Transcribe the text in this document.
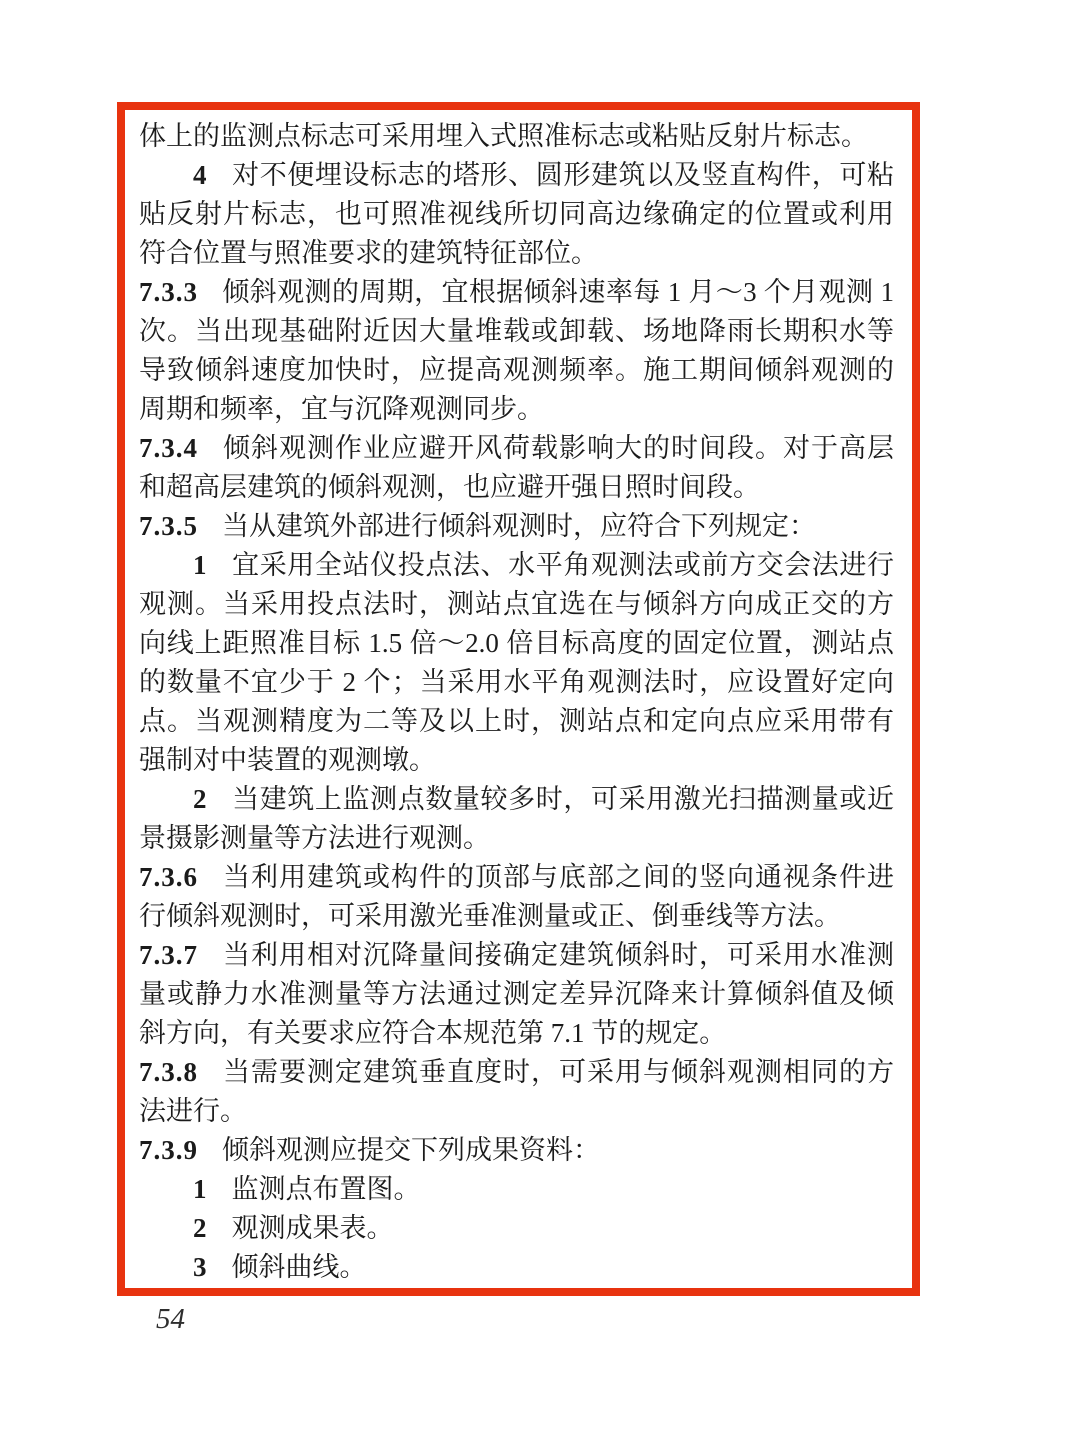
体上的监测点标志可采用埋入式照准标志或粘贴反射片标志。

4 对不便埋设标志的塔形、圆形建筑以及竖直构件，可粘贴反射片标志，也可照准视线所切同高边缘确定的位置或利用符合位置与照准要求的建筑特征部位。

7.3.3 倾斜观测的周期，宜根据倾斜速率每 1 月～3 个月观测 1 次。当出现基础附近因大量堆载或卸载、场地降雨长期积水等导致倾斜速度加快时，应提高观测频率。施工期间倾斜观测的周期和频率，宜与沉降观测同步。

7.3.4 倾斜观测作业应避开风荷载影响大的时间段。对于高层和超高层建筑的倾斜观测，也应避开强日照时间段。

7.3.5 当从建筑外部进行倾斜观测时，应符合下列规定：

1 宜采用全站仪投点法、水平角观测法或前方交会法进行观测。当采用投点法时，测站点宜选在与倾斜方向成正交的方向线上距照准目标 1.5 倍～2.0 倍目标高度的固定位置，测站点的数量不宜少于 2 个；当采用水平角观测法时，应设置好定向点。当观测精度为二等及以上时，测站点和定向点应采用带有强制对中装置的观测墩。

2 当建筑上监测点数量较多时，可采用激光扫描测量或近景摄影测量等方法进行观测。

7.3.6 当利用建筑或构件的顶部与底部之间的竖向通视条件进行倾斜观测时，可采用激光垂准测量或正、倒垂线等方法。

7.3.7 当利用相对沉降量间接确定建筑倾斜时，可采用水准测量或静力水准测量等方法通过测定差异沉降来计算倾斜值及倾斜方向，有关要求应符合本规范第 7.1 节的规定。

7.3.8 当需要测定建筑垂直度时，可采用与倾斜观测相同的方法进行。

7.3.9 倾斜观测应提交下列成果资料：

1 监测点布置图。

2 观测成果表。

3 倾斜曲线。

54
